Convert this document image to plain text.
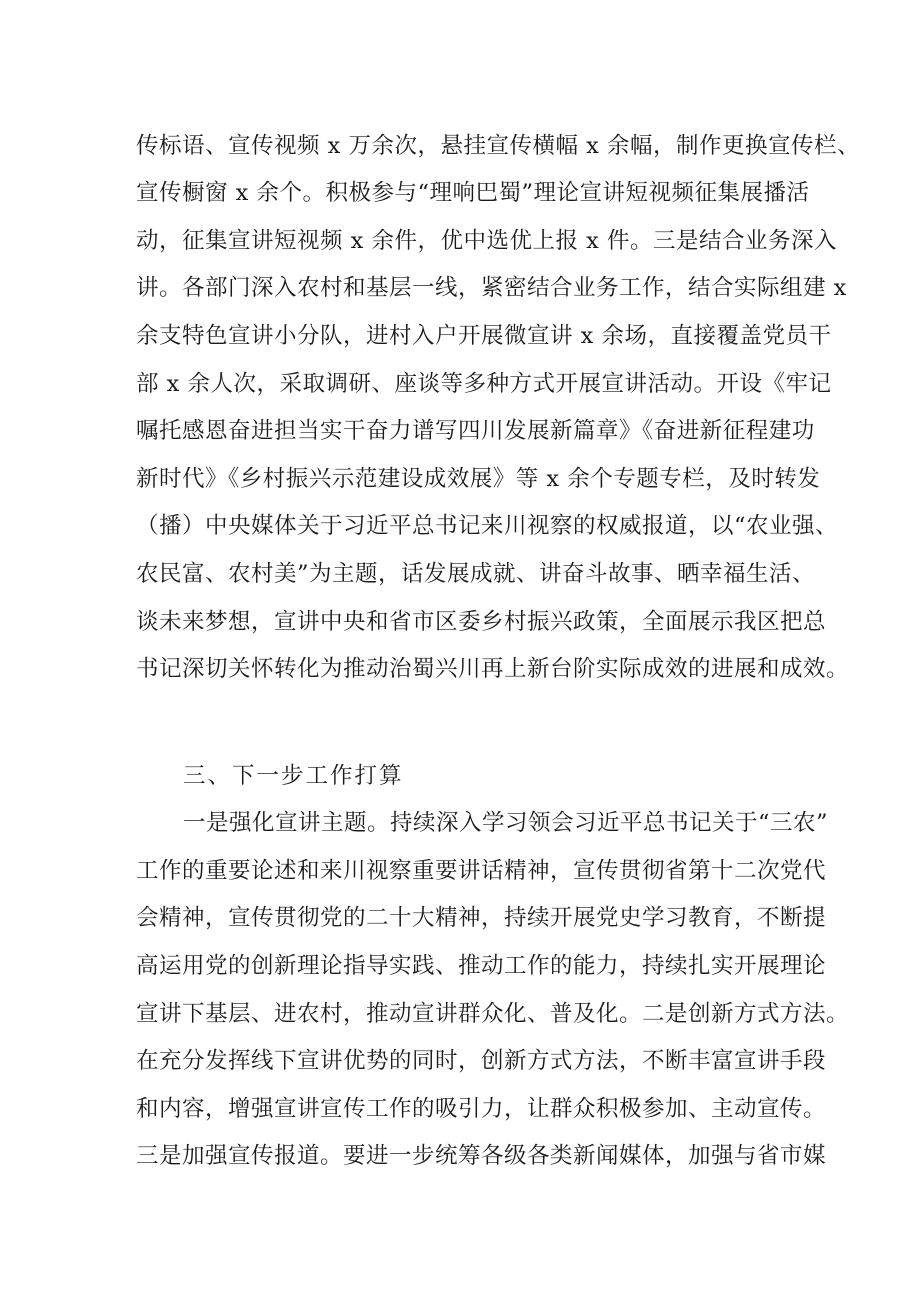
传标语、宣传视频 x 万余次，悬挂宣传横幅 x 余幅，制作更换宣传栏、
宣传橱窗 x 余个。积极参与“理响巴蜀”理论宣讲短视频征集展播活
动，征集宣讲短视频 x 余件，优中选优上报 x 件。三是结合业务深入
讲。各部门深入农村和基层一线，紧密结合业务工作，结合实际组建 x
余支特色宣讲小分队，进村入户开展微宣讲 x 余场，直接覆盖党员干
部 x 余人次，采取调研、座谈等多种方式开展宣讲活动。开设《牢记
嘱托感恩奋进担当实干奋力谱写四川发展新篇章》《奋进新征程建功
新时代》《乡村振兴示范建设成效展》等 x 余个专题专栏，及时转发
（播）中央媒体关于习近平总书记来川视察的权威报道，以“农业强、
农民富、农村美”为主题，话发展成就、讲奋斗故事、晒幸福生活、
谈未来梦想，宣讲中央和省市区委乡村振兴政策，全面展示我区把总
书记深切关怀转化为推动治蜀兴川再上新台阶实际成效的进展和成效。
三、下一步工作打算
一是强化宣讲主题。持续深入学习领会习近平总书记关于“三农”
工作的重要论述和来川视察重要讲话精神，宣传贯彻省第十二次党代
会精神，宣传贯彻党的二十大精神，持续开展党史学习教育，不断提
高运用党的创新理论指导实践、推动工作的能力，持续扎实开展理论
宣讲下基层、进农村，推动宣讲群众化、普及化。二是创新方式方法。
在充分发挥线下宣讲优势的同时，创新方式方法，不断丰富宣讲手段
和内容，增强宣讲宣传工作的吸引力，让群众积极参加、主动宣传。
三是加强宣传报道。要进一步统筹各级各类新闻媒体，加强与省市媒
